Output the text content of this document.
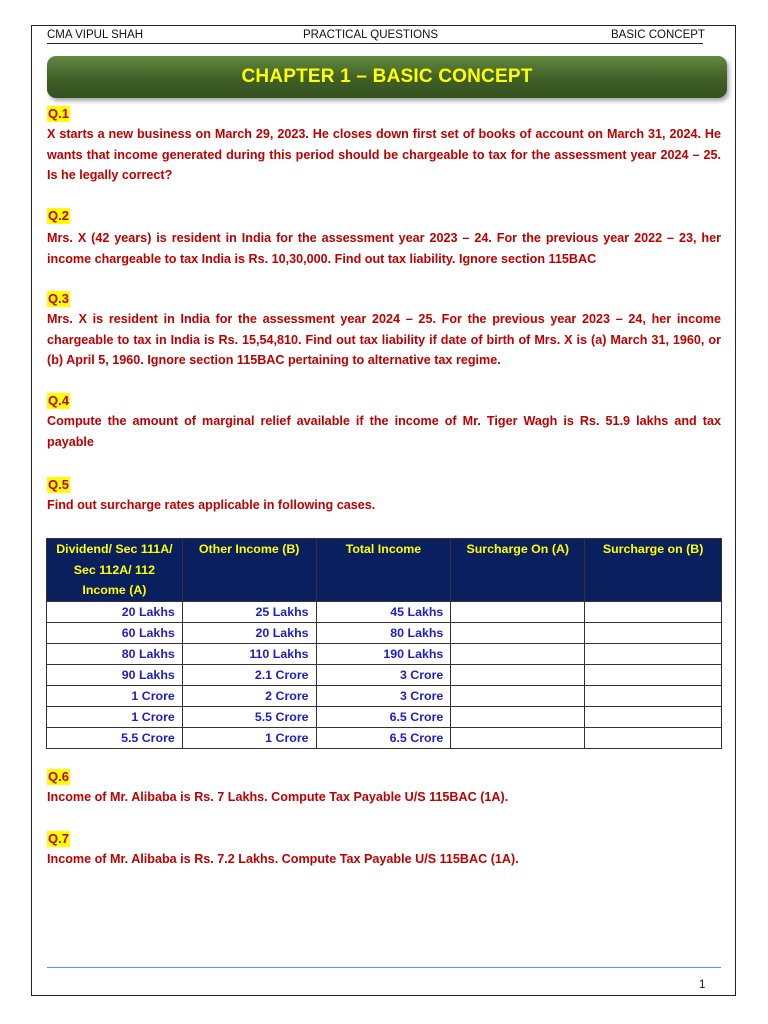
CMA VIPUL SHAH	PRACTICAL QUESTIONS	BASIC CONCEPT
CHAPTER 1 – BASIC CONCEPT
Q.1
X starts a new business on March 29, 2023. He closes down first set of books of account on March 31, 2024. He wants that income generated during this period should be chargeable to tax for the assessment year 2024 – 25. Is he legally correct?
Q.2
Mrs. X (42 years) is resident in India for the assessment year 2023 – 24. For the previous year 2022 – 23, her income chargeable to tax India is Rs. 10,30,000. Find out tax liability. Ignore section 115BAC
Q.3
Mrs. X is resident in India for the assessment year 2024 – 25. For the previous year 2023 – 24, her income chargeable to tax in India is Rs. 15,54,810. Find out tax liability if date of birth of Mrs. X is (a) March 31, 1960, or (b) April 5, 1960. Ignore section 115BAC pertaining to alternative tax regime.
Q.4
Compute the amount of marginal relief available if the income of Mr. Tiger Wagh is Rs. 51.9 lakhs and tax payable
Q.5
Find out surcharge rates applicable in following cases.
Dividend/ Sec 111A/ Sec 112A/ 112 Income (A)	Other Income (B)	Total Income	Surcharge On (A)	Surcharge on (B)
20 Lakhs	25 Lakhs	45 Lakhs		
60 Lakhs	20 Lakhs	80 Lakhs		
80 Lakhs	110 Lakhs	190 Lakhs		
90 Lakhs	2.1 Crore	3 Crore		
1 Crore	2 Crore	3 Crore		
1 Crore	5.5 Crore	6.5 Crore		
5.5 Crore	1 Crore	6.5 Crore		
Q.6
Income of Mr. Alibaba is Rs. 7 Lakhs. Compute Tax Payable U/S 115BAC (1A).
Q.7
Income of Mr. Alibaba is Rs. 7.2 Lakhs. Compute Tax Payable U/S 115BAC (1A).
1
